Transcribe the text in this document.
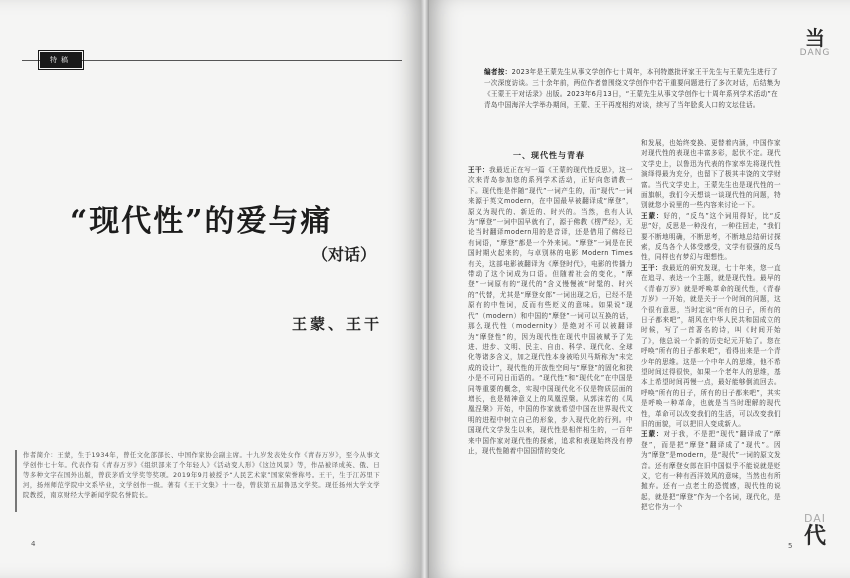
特稿
“现代性”的爱与痛
（对话）
王蒙、王干
作者简介：王蒙，生于1934年，曾任文化部部长、中国作家协会副主席。十九岁发表处女作《青春万岁》，至今从事文学创作七十年。代表作有《青春万岁》《组织部来了个年轻人》《活动变人形》《这边风景》等，作品被译成英、俄、日等多种文字在国外出版，曾获茅盾文学奖等奖项。2019年9月被授予“人民艺术家”国家荣誉称号。王干，生于江苏里下河，扬州师范学院中文系毕业，文学创作一级。著有《王干文集》十一卷，曾获第五届鲁迅文学奖。现任扬州大学文学院教授，南京财经大学新闻学院名誉院长。
4
当
DANG
编者按：2023年是王蒙先生从事文学创作七十周年，本刊特邀批评家王干先生与王蒙先生进行了一次深度访谈。三十余年前，两位作者曾围绕文学创作中若干重要问题进行了多次对话，后结集为《王蒙王干对话录》出版。2023年6月13日，“王蒙先生从事文学创作七十周年系列学术活动”在青岛中国海洋大学举办期间，王蒙、王干再度相约对谈，续写了当年脍炙人口的文坛佳话。
一、现代性与青春

王干：我最近正在写一篇《王蒙的现代性反思》，这一次来青岛参加您的系列学术活动，正好向您请教一下。现代性是伴随“现代”一词产生的，而“现代”一词来源于英文modern，在中国最早被翻译成“摩登”，原义为现代的、新近的、时兴的。当然，也有人认为“摩登”一词中国早就有了，源于佛教《楞严经》，无论当时翻译modern用的是音译，还是借用了佛经已有词语，“摩登”都是一个外来词。“摩登”一词是在民国时期火起来的，与卓别林的电影 Modern Times 有关，这部电影被翻译为《摩登时代》，电影的传播力带动了这个词成为口语。但随着社会的变化，“摩登”一词原有的“现代的”含义慢慢被“时髦的、时兴的”代替，尤其是“摩登女郎”一词出现之后，已经不是原有的中性词，反而有些贬义的意味。如果说“现代”（modern）和中国的“摩登”一词可以互换的话，那么现代性（modernity）是绝对不可以被翻译为“摩登性”的，因为现代性在现代中国被赋予了先进、进步、文明、民主、自由、科学、现代化、全球化等诸多含义，加之现代性本身被哈贝马斯称为“未完成的设计”，现代性的开放性空间与“摩登”的固化和狭小是不可同日而语的。“现代性”和“现代化”在中国是同等重要的概念，实现中国现代化不仅是物质层面的增长，也是精神意义上的凤凰涅槃。从郭沫若的《凤凰涅槃》开始，中国的作家就希望中国在世界现代文明的进程中树立自己的形象，步入现代化的行列。中国现代文学发生以来，现代性是相伴相生的，一百年来中国作家对现代性的探索，追求和表现始终没有停止，现代性随着中国国情的变化

和发展，也始终变换、更替着内涵，中国作家对现代性的表现也丰富多彩，起伏不定。现代文学史上，以鲁迅为代表的作家率先将现代性演绎得最为充分，也留下了极其丰饶的文学财富。当代文学史上，王蒙先生也是现代性的一面旗帜，我们今天想谈一谈现代性的问题，特别就您小说里的一些内容来讨论一下。

王蒙：好的，“反鸟”这个词用得好，比“反思”好，反思是一种没有，一种往回走，“我们要不断地明确，不断思考，不断地总结研讨探索，反鸟各个人体受感受，文学有很强的反鸟性，同样也有梦幻与理想性。

王干：我最近的研究发现，七十年来，您一直在追寻、表达一个主题，就是现代性。最早的《青春万岁》就是呼唤革命的现代性，《青春万岁》一开始，就是关于一个时间的问题，这个很有意思，当时定说“所有的日子，所有的日子都来吧”，胡风在中华人民共和国成立的时候，写了一首著名的诗，叫《时间开始了》，他总说一个新的历史纪元开始了。您在呼唤“所有的日子都来吧”，看得出来是一个青少年的思维。这是一个中年人的思维，他不希望时间过得很快，如果一个老年人的思维，基本上希望时间再慢一点，最好能够倒流回去。呼唤“所有的日子，所有的日子都来吧”，其实是呼唤一种革命，也就是当当时理解的现代性，革命可以改变我们的生活，可以改变我们旧的面貌，可以把旧人变成新人。

王蒙：对于我，不是把“现代”翻译成了“摩登”，而是把“摩登”翻译成了“现代”。因为“摩登”是modern，是“现代”一词的原文发音。还有摩登女郎在旧中国似乎不能说就是贬义，它有一种有西洋效风的意味，当然也有所抛弃。还有一点老土的恐慌感，现代性的说起，就是把“摩登”作为一个名词，现代化，是把它作为一个

DAI
代
5
